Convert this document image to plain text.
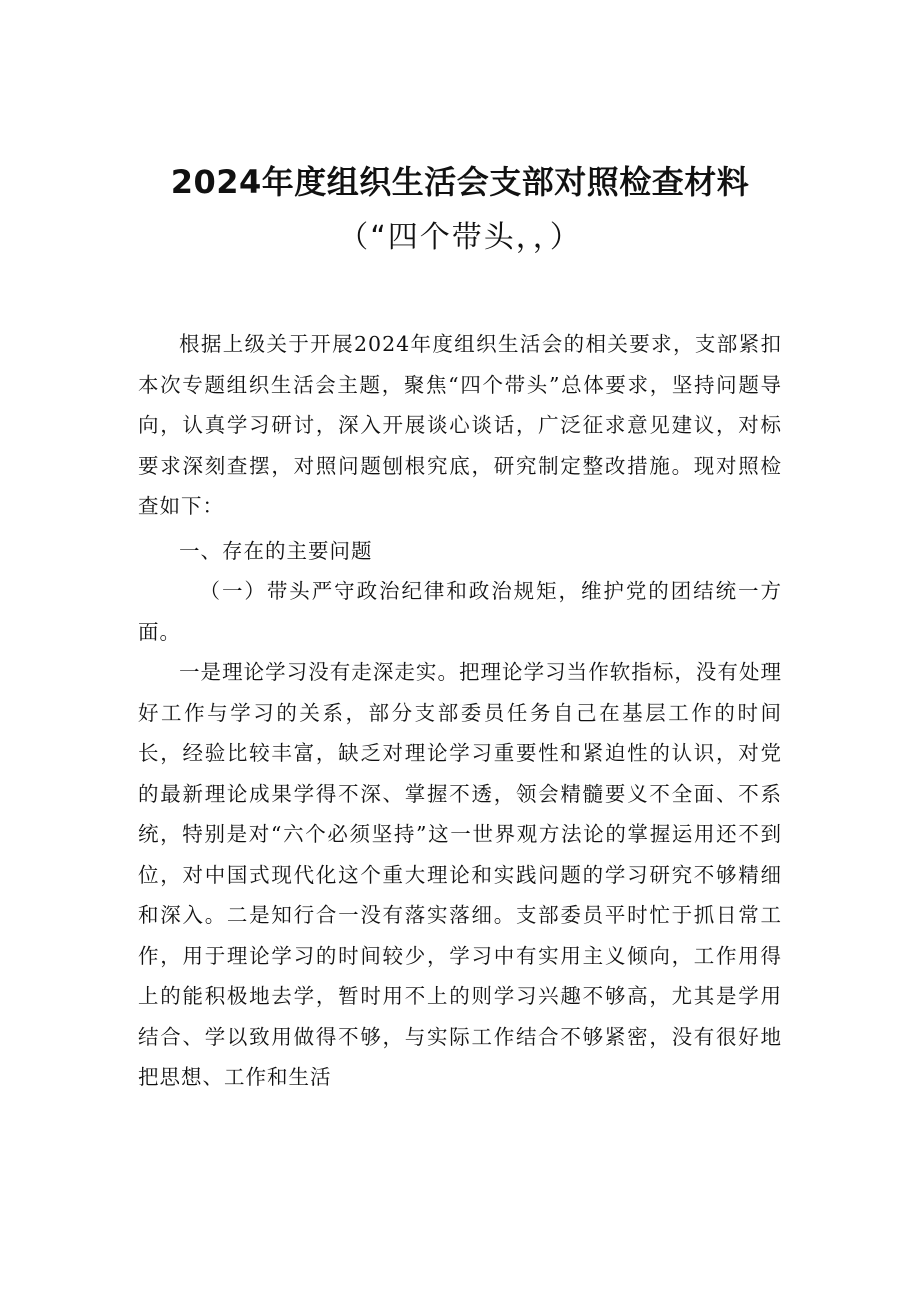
2024年度组织生活会支部对照检查材料
（“四个带头，，）

根据上级关于开展2024年度组织生活会的相关要求，支部紧扣本次专题组织生活会主题，聚焦“四个带头”总体要求，坚持问题导向，认真学习研讨，深入开展谈心谈话，广泛征求意见建议，对标要求深刻查摆，对照问题刨根究底，研究制定整改措施。现对照检查如下：

一、存在的主要问题

（一）带头严守政治纪律和政治规矩，维护党的团结统一方面。

一是理论学习没有走深走实。把理论学习当作软指标，没有处理好工作与学习的关系，部分支部委员任务自己在基层工作的时间长，经验比较丰富，缺乏对理论学习重要性和紧迫性的认识，对党的最新理论成果学得不深、掌握不透，领会精髓要义不全面、不系统，特别是对“六个必须坚持”这一世界观方法论的掌握运用还不到位，对中国式现代化这个重大理论和实践问题的学习研究不够精细和深入。二是知行合一没有落实落细。支部委员平时忙于抓日常工作，用于理论学习的时间较少，学习中有实用主义倾向，工作用得上的能积极地去学，暂时用不上的则学习兴趣不够高，尤其是学用结合、学以致用做得不够，与实际工作结合不够紧密，没有很好地把思想、工作和生活
